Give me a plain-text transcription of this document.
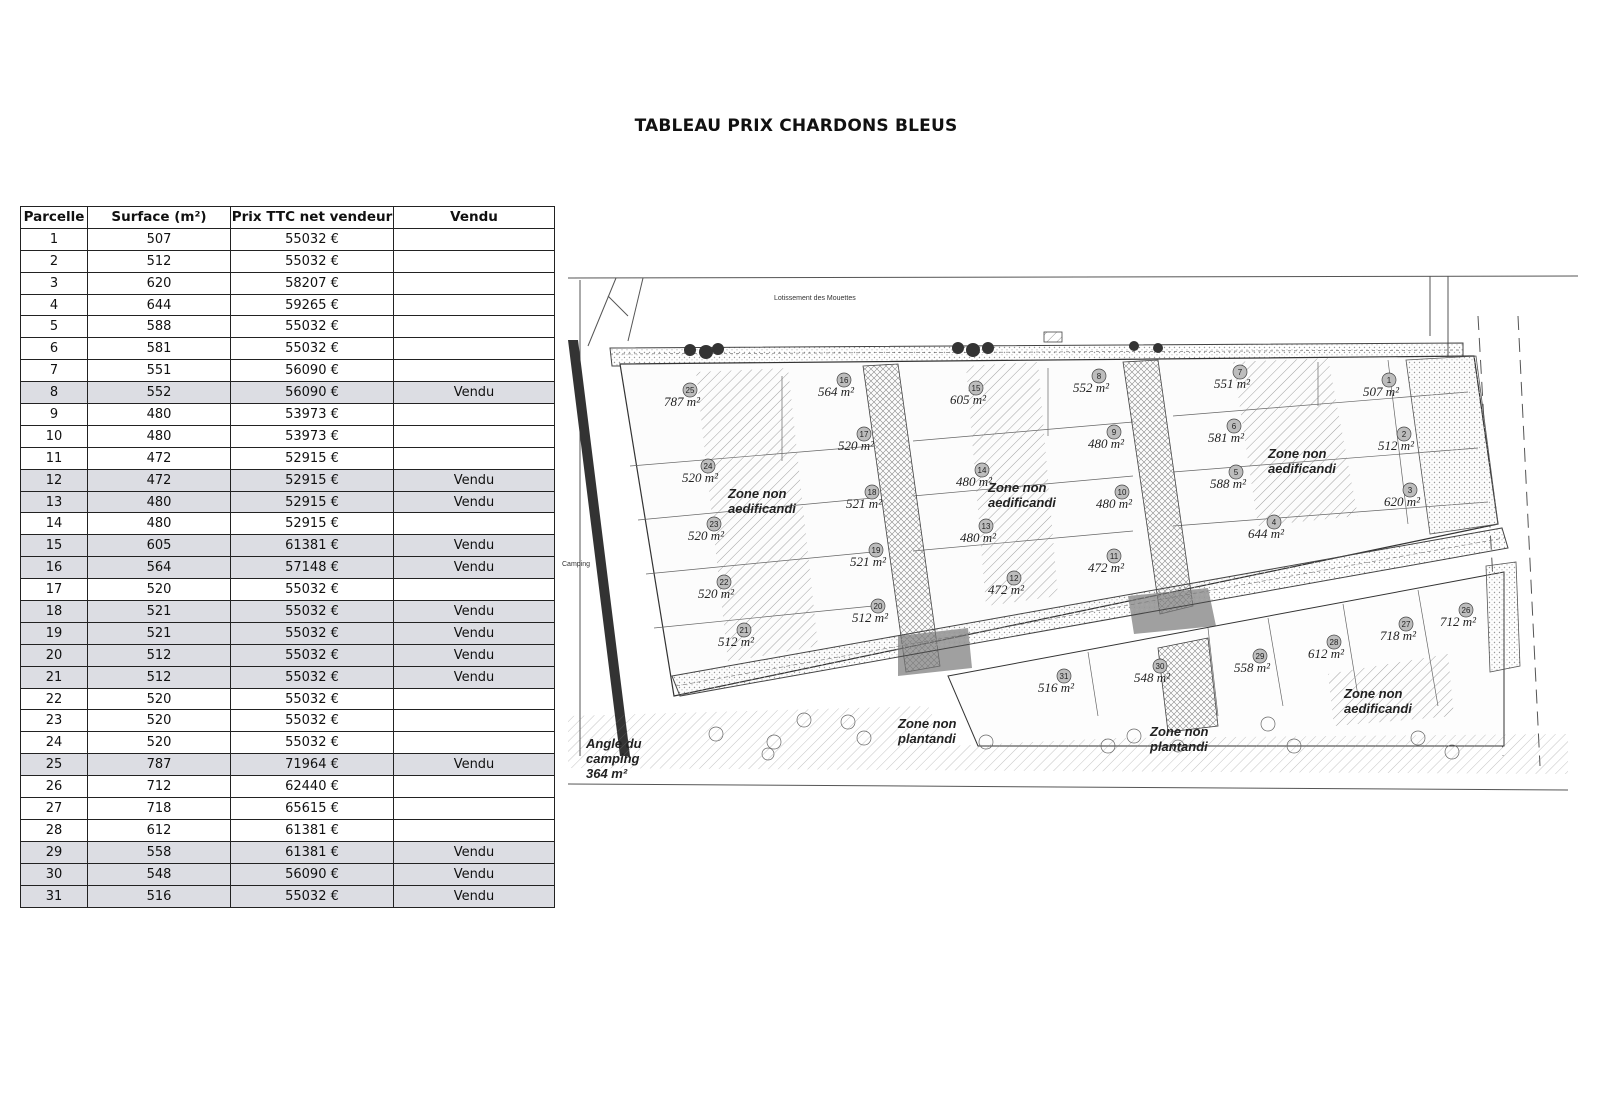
TABLEAU PRIX CHARDONS BLEUS
Parcelle	Surface (m²)	Prix TTC net vendeur	Vendu
1	507	55032 €	
2	512	55032 €	
3	620	58207 €	
4	644	59265 €	
5	588	55032 €	
6	581	55032 €	
7	551	56090 €	
8	552	56090 €	Vendu
9	480	53973 €	
10	480	53973 €	
11	472	52915 €	
12	472	52915 €	Vendu
13	480	52915 €	Vendu
14	480	52915 €	
15	605	61381 €	Vendu
16	564	57148 €	Vendu
17	520	55032 €	
18	521	55032 €	Vendu
19	521	55032 €	Vendu
20	512	55032 €	Vendu
21	512	55032 €	Vendu
22	520	55032 €	
23	520	55032 €	
24	520	55032 €	
25	787	71964 €	Vendu
26	712	62440 €	
27	718	65615 €	
28	612	61381 €	
29	558	61381 €	Vendu
30	548	56090 €	Vendu
31	516	55032 €	Vendu
Lotissement des Mouettes
Camping
1
507 m²
2
512 m²
3
620 m²
4
644 m²
5
588 m²
6
581 m²
7
551 m²
8
552 m²
9
480 m²
10
480 m²
11
472 m²
12
472 m²
13
480 m²
14
480 m²
15
605 m²
16
564 m²
17
520 m²
18
521 m²
19
521 m²
20
512 m²
21
512 m²
22
520 m²
23
520 m²
24
520 m²
25
787 m²
26
712 m²
27
718 m²
28
612 m²
29
558 m²
30
548 m²
31
516 m²
Zone non
aedificandi
Zone non
aedificandi
Zone non
aedificandi
Zone non
aedificandi
Zone non
plantandi	Zone non
plantandi
Angle du
camping
364 m²
